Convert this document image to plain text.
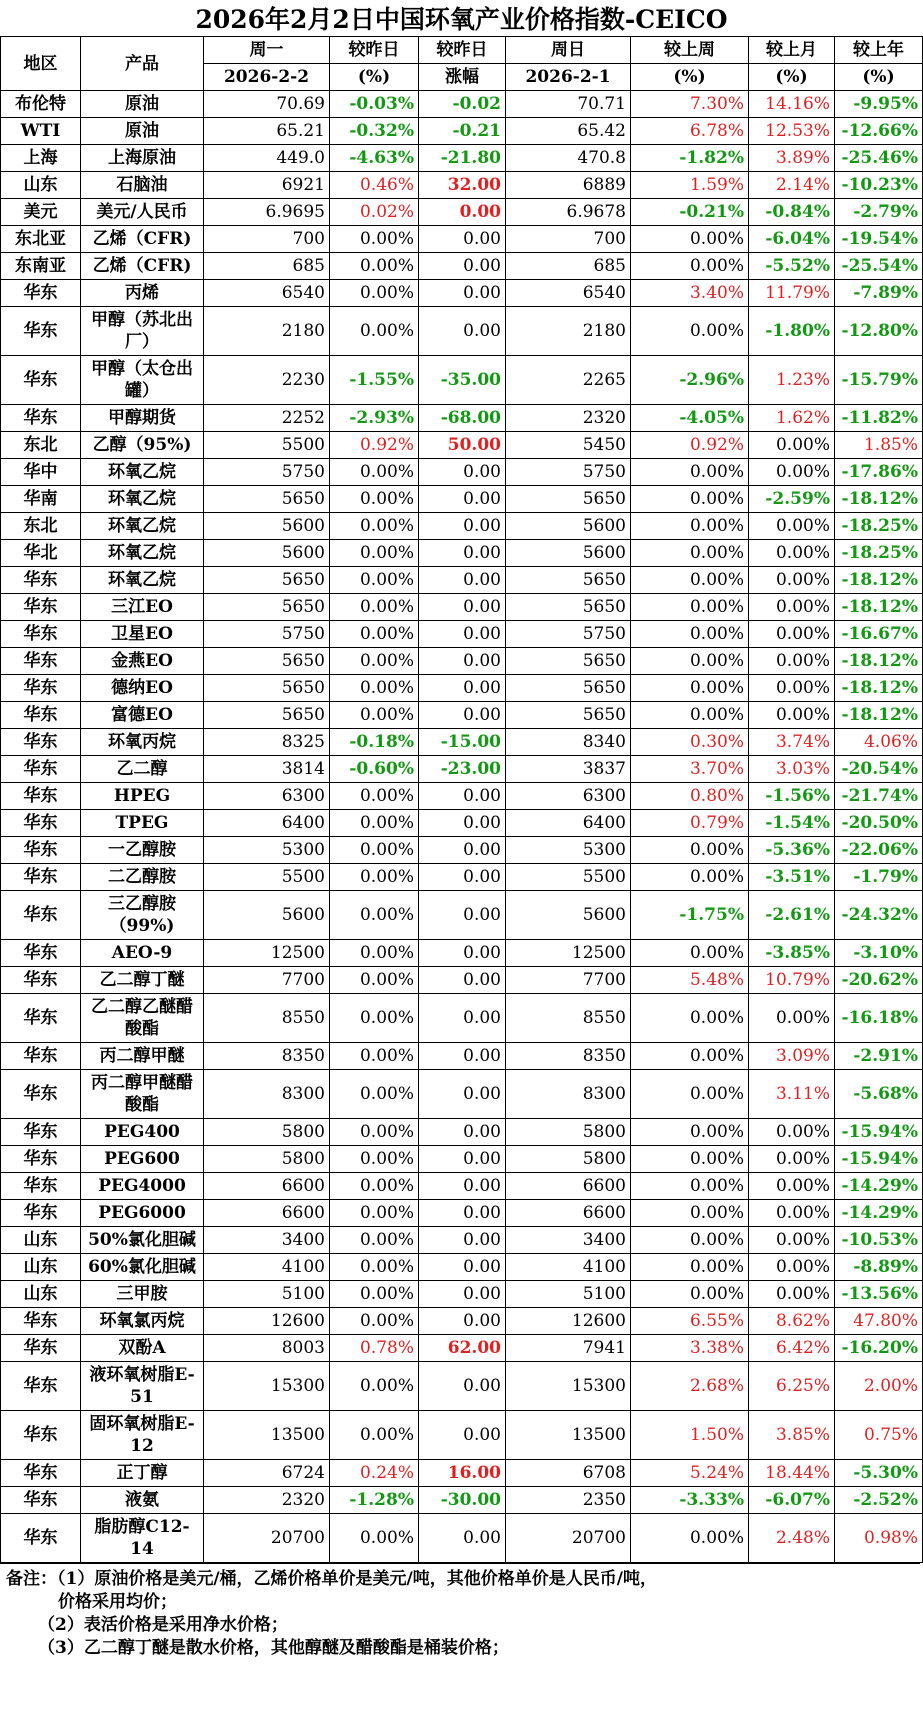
2026年2月2日中国环氧产业价格指数-CEICO
地区	产品	周一	较昨日	较昨日	周日	较上周	较上月	较上年
		2026-2-2	(%)	涨幅	2026-2-1	(%)	(%)	(%)
布伦特	原油	70.69	-0.03%	-0.02	70.71	7.30%	14.16%	-9.95%
WTI	原油	65.21	-0.32%	-0.21	65.42	6.78%	12.53%	-12.66%
上海	上海原油	449.0	-4.63%	-21.80	470.8	-1.82%	3.89%	-25.46%
山东	石脑油	6921	0.46%	32.00	6889	1.59%	2.14%	-10.23%
美元	美元/人民币	6.9695	0.02%	0.00	6.9678	-0.21%	-0.84%	-2.79%
东北亚	乙烯（CFR)	700	0.00%	0.00	700	0.00%	-6.04%	-19.54%
东南亚	乙烯（CFR)	685	0.00%	0.00	685	0.00%	-5.52%	-25.54%
华东	丙烯	6540	0.00%	0.00	6540	3.40%	11.79%	-7.89%
华东	甲醇（苏北出厂）	2180	0.00%	0.00	2180	0.00%	-1.80%	-12.80%
华东	甲醇（太仓出罐）	2230	-1.55%	-35.00	2265	-2.96%	1.23%	-15.79%
华东	甲醇期货	2252	-2.93%	-68.00	2320	-4.05%	1.62%	-11.82%
东北	乙醇（95%)	5500	0.92%	50.00	5450	0.92%	0.00%	1.85%
华中	环氧乙烷	5750	0.00%	0.00	5750	0.00%	0.00%	-17.86%
华南	环氧乙烷	5650	0.00%	0.00	5650	0.00%	-2.59%	-18.12%
东北	环氧乙烷	5600	0.00%	0.00	5600	0.00%	0.00%	-18.25%
华北	环氧乙烷	5600	0.00%	0.00	5600	0.00%	0.00%	-18.25%
华东	环氧乙烷	5650	0.00%	0.00	5650	0.00%	0.00%	-18.12%
华东	三江EO	5650	0.00%	0.00	5650	0.00%	0.00%	-18.12%
华东	卫星EO	5750	0.00%	0.00	5750	0.00%	0.00%	-16.67%
华东	金燕EO	5650	0.00%	0.00	5650	0.00%	0.00%	-18.12%
华东	德纳EO	5650	0.00%	0.00	5650	0.00%	0.00%	-18.12%
华东	富德EO	5650	0.00%	0.00	5650	0.00%	0.00%	-18.12%
华东	环氧丙烷	8325	-0.18%	-15.00	8340	0.30%	3.74%	4.06%
华东	乙二醇	3814	-0.60%	-23.00	3837	3.70%	3.03%	-20.54%
华东	HPEG	6300	0.00%	0.00	6300	0.80%	-1.56%	-21.74%
华东	TPEG	6400	0.00%	0.00	6400	0.79%	-1.54%	-20.50%
华东	一乙醇胺	5300	0.00%	0.00	5300	0.00%	-5.36%	-22.06%
华东	二乙醇胺	5500	0.00%	0.00	5500	0.00%	-3.51%	-1.79%
华东	三乙醇胺（99%)	5600	0.00%	0.00	5600	-1.75%	-2.61%	-24.32%
华东	AEO-9	12500	0.00%	0.00	12500	0.00%	-3.85%	-3.10%
华东	乙二醇丁醚	7700	0.00%	0.00	7700	5.48%	10.79%	-20.62%
华东	乙二醇乙醚醋酸酯	8550	0.00%	0.00	8550	0.00%	0.00%	-16.18%
华东	丙二醇甲醚	8350	0.00%	0.00	8350	0.00%	3.09%	-2.91%
华东	丙二醇甲醚醋酸酯	8300	0.00%	0.00	8300	0.00%	3.11%	-5.68%
华东	PEG400	5800	0.00%	0.00	5800	0.00%	0.00%	-15.94%
华东	PEG600	5800	0.00%	0.00	5800	0.00%	0.00%	-15.94%
华东	PEG4000	6600	0.00%	0.00	6600	0.00%	0.00%	-14.29%
华东	PEG6000	6600	0.00%	0.00	6600	0.00%	0.00%	-14.29%
山东	50%氯化胆碱	3400	0.00%	0.00	3400	0.00%	0.00%	-10.53%
山东	60%氯化胆碱	4100	0.00%	0.00	4100	0.00%	0.00%	-8.89%
山东	三甲胺	5100	0.00%	0.00	5100	0.00%	0.00%	-13.56%
华东	环氧氯丙烷	12600	0.00%	0.00	12600	6.55%	8.62%	47.80%
华东	双酚A	8003	0.78%	62.00	7941	3.38%	6.42%	-16.20%
华东	液环氧树脂E-51	15300	0.00%	0.00	15300	2.68%	6.25%	2.00%
华东	固环氧树脂E-12	13500	0.00%	0.00	13500	1.50%	3.85%	0.75%
华东	正丁醇	6724	0.24%	16.00	6708	5.24%	18.44%	-5.30%
华东	液氨	2320	-1.28%	-30.00	2350	-3.33%	-6.07%	-2.52%
华东	脂肪醇C12-14	20700	0.00%	0.00	20700	0.00%	2.48%	0.98%
备注：（1）原油价格是美元/桶，乙烯价格单价是美元/吨，其他价格单价是人民币/吨，
价格采用均价；
（2）表活价格是采用净水价格；
（3）乙二醇丁醚是散水价格，其他醇醚及醋酸酯是桶装价格；
